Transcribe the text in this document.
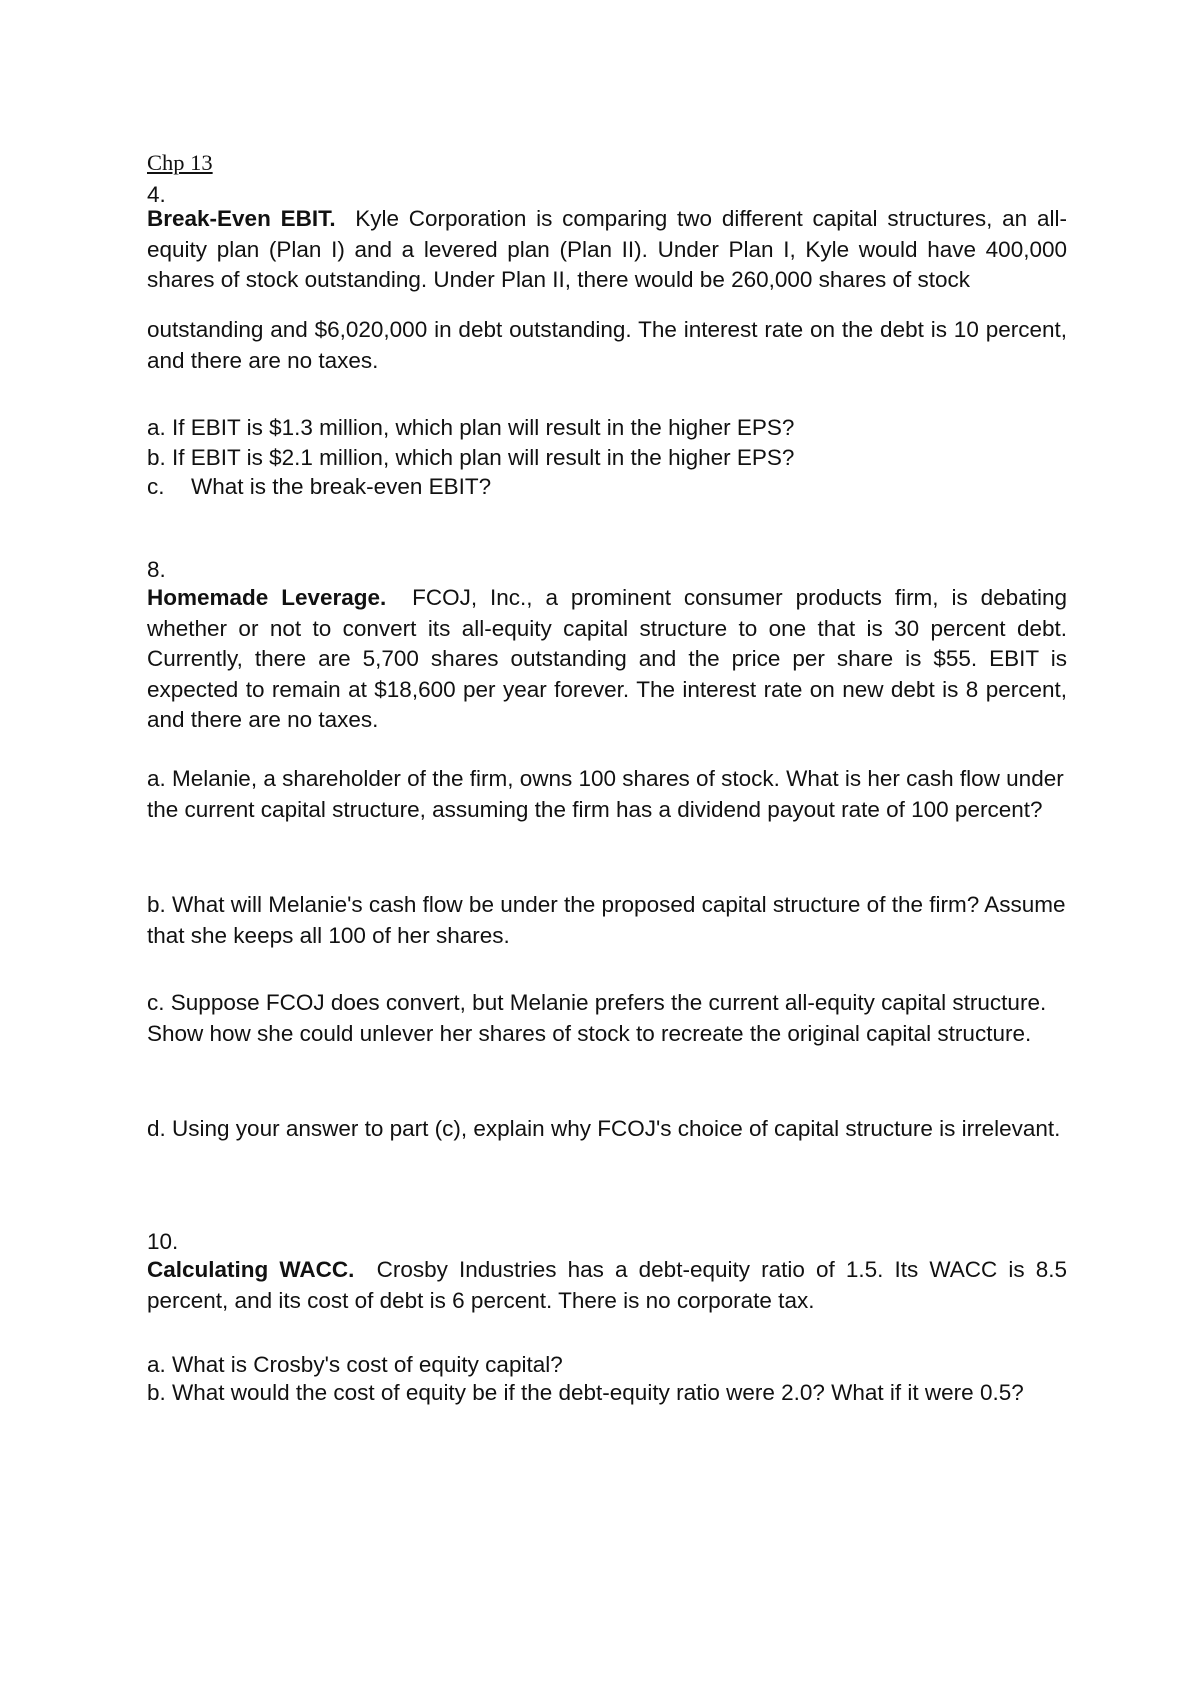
Chp 13

4.

Break-Even EBIT. Kyle Corporation is comparing two different capital structures, an all-equity plan (Plan I) and a levered plan (Plan II). Under Plan I, Kyle would have 400,000 shares of stock outstanding. Under Plan II, there would be 260,000 shares of stock

outstanding and $6,020,000 in debt outstanding. The interest rate on the debt is 10 percent, and there are no taxes.

a. If EBIT is $1.3 million, which plan will result in the higher EPS?
b. If EBIT is $2.1 million, which plan will result in the higher EPS?
c. What is the break-even EBIT?

8.

Homemade Leverage. FCOJ, Inc., a prominent consumer products firm, is debating whether or not to convert its all-equity capital structure to one that is 30 percent debt. Currently, there are 5,700 shares outstanding and the price per share is $55. EBIT is expected to remain at $18,600 per year forever. The interest rate on new debt is 8 percent, and there are no taxes.

a. Melanie, a shareholder of the firm, owns 100 shares of stock. What is her cash flow under the current capital structure, assuming the firm has a dividend payout rate of 100 percent?

b. What will Melanie's cash flow be under the proposed capital structure of the firm? Assume that she keeps all 100 of her shares.

c. Suppose FCOJ does convert, but Melanie prefers the current all-equity capital structure. Show how she could unlever her shares of stock to recreate the original capital structure.

d. Using your answer to part (c), explain why FCOJ's choice of capital structure is irrelevant.

10.

Calculating WACC. Crosby Industries has a debt-equity ratio of 1.5. Its WACC is 8.5 percent, and its cost of debt is 6 percent. There is no corporate tax.

a. What is Crosby's cost of equity capital?

b. What would the cost of equity be if the debt-equity ratio were 2.0? What if it were 0.5?
